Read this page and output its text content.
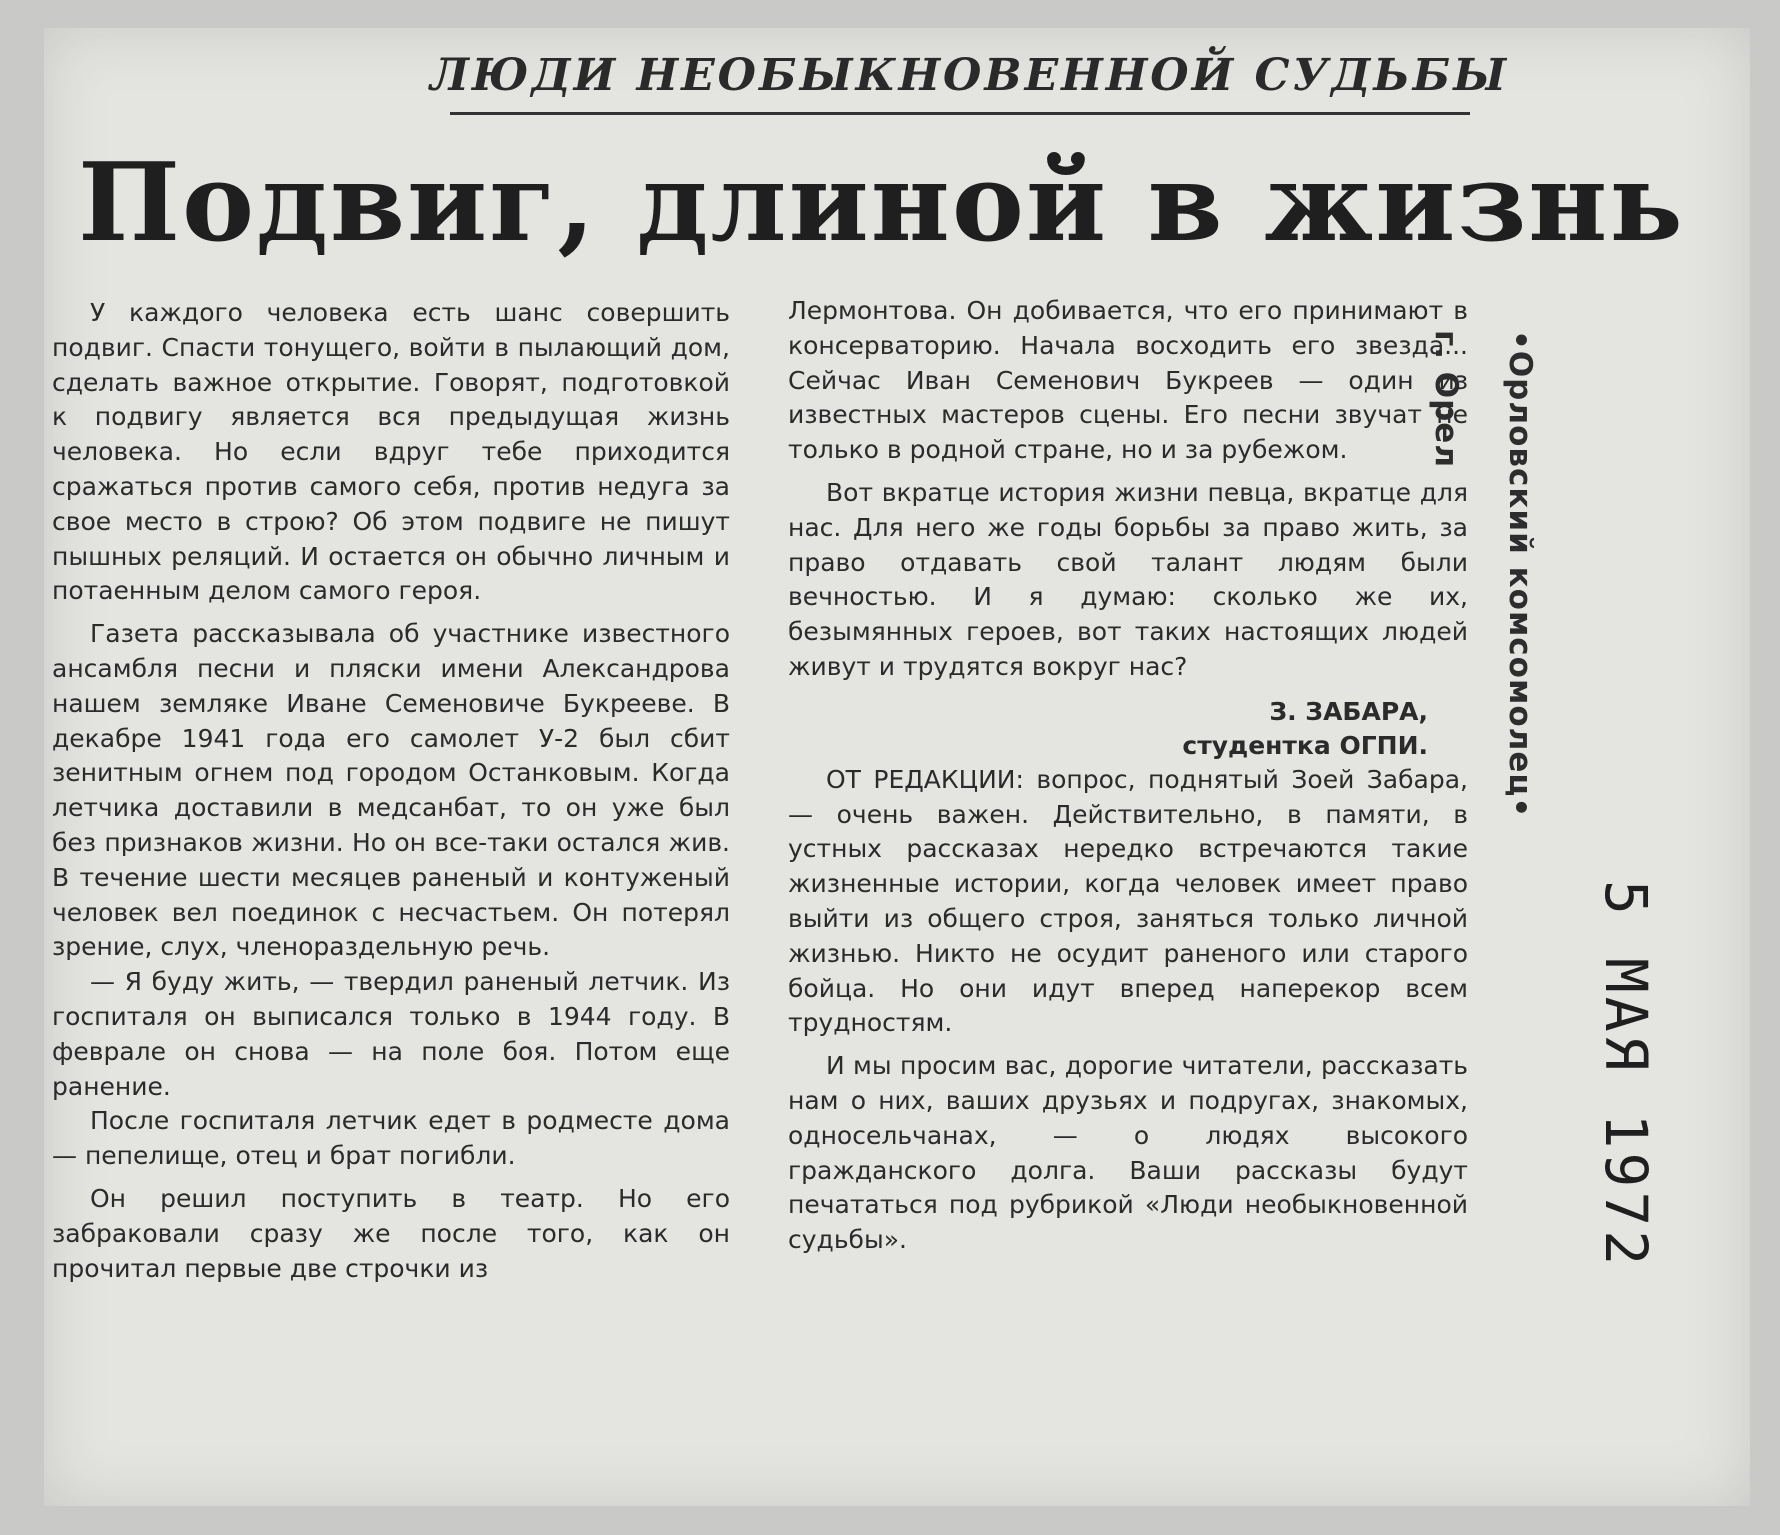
ЛЮДИ НЕОБЫКНОВЕННОЙ СУДЬБЫ
Подвиг, длиной в жизнь

У каждого человека есть шанс совершить подвиг. Спасти тонущего, войти в пылающий дом, сделать важное открытие. Говорят, подготовкой к подвигу является вся предыдущая жизнь человека. Но если вдруг тебе приходится сражаться против самого себя, против недуга за свое место в строю? Об этом подвиге не пишут пышных реляций. И остается он обычно личным и потаенным делом самого героя.

Газета рассказывала об участнике известного ансамбля песни и пляски имени Александрова нашем земляке Иване Семеновиче Букрееве. В декабре 1941 года его самолет У-2 был сбит зенитным огнем под городом Останковым. Когда летчика доставили в медсанбат, то он уже был без признаков жизни. Но он все-таки остался жив. В течение шести месяцев раненый и контуженый человек вел поединок с несчастьем. Он потерял зрение, слух, членораздельную речь.

— Я буду жить, — твердил раненый летчик. Из госпиталя он выписался только в 1944 году. В феврале он снова — на поле боя. Потом еще ранение.

После госпиталя летчик едет в родместе дома — пепелище, отец и брат погибли.

Он решил поступить в театр. Но его забраковали сразу же после того, как он прочитал первые две строчки из

Лермонтова. Он добивается, что его принимают в консерваторию. Начала восходить его звезда... Сейчас Иван Семенович Букреев — один из известных мастеров сцены. Его песни звучат не только в родной стране, но и за рубежом.

Вот вкратце история жизни певца, вкратце для нас. Для него же годы борьбы за право жить, за право отдавать свой талант людям были вечностью. И я думаю: сколько же их, безымянных героев, вот таких настоящих людей живут и трудятся вокруг нас?

З. ЗАБАРА,
студентка ОГПИ.

ОТ РЕДАКЦИИ: вопрос, поднятый Зоей Забара,— очень важен. Действительно, в памяти, в устных рассказах нередко встречаются такие жизненные истории, когда человек имеет право выйти из общего строя, заняться только личной жизнью. Никто не осудит раненого или старого бойца. Но они идут вперед наперекор всем трудностям.

И мы просим вас, дорогие читатели, рассказать нам о них, ваших друзьях и подругах, знакомых, односельчанах, — о людях высокого гражданского долга. Ваши рассказы будут печататься под рубрикой «Люди необыкновенной судьбы».

•Орловский комсомолец•
г. Орел
5 МАЯ 1972
